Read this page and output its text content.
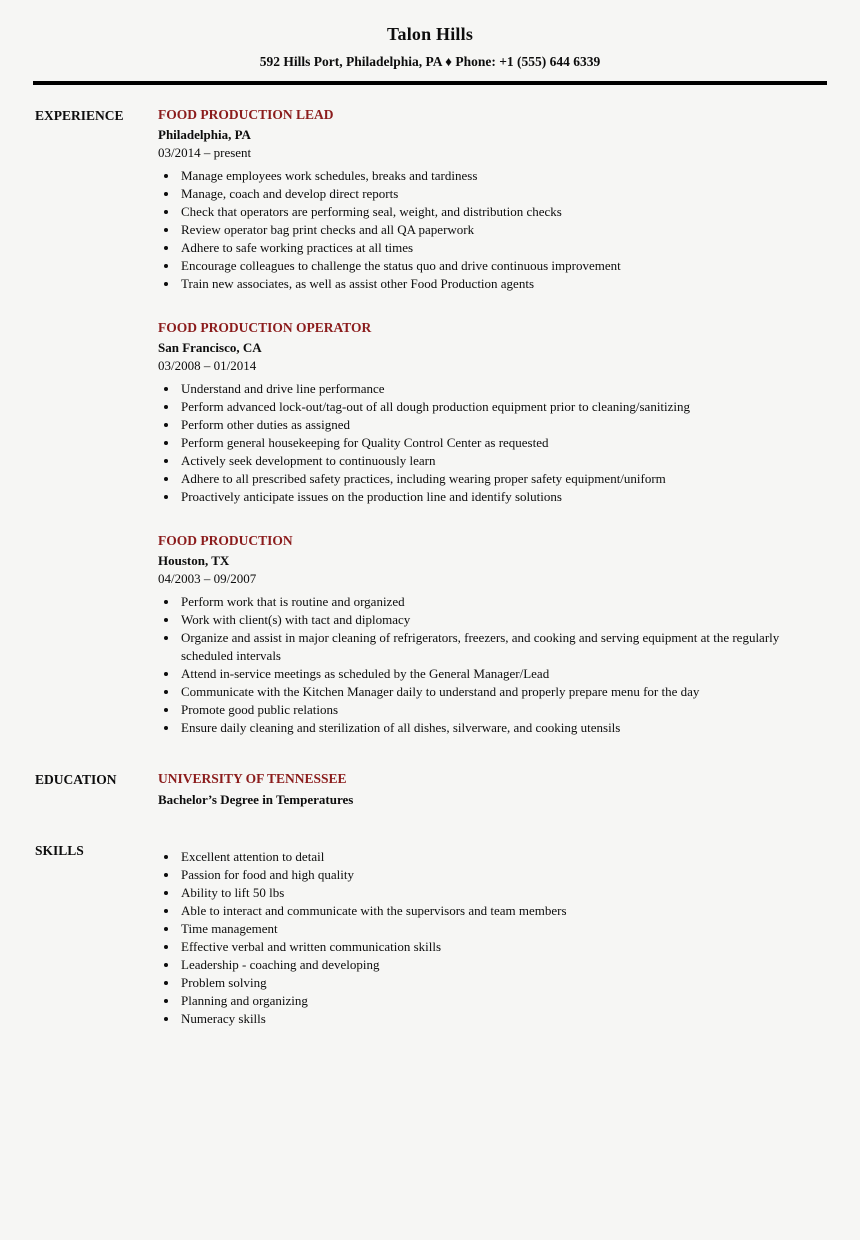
Talon Hills
592 Hills Port, Philadelphia, PA ♦ Phone: +1 (555) 644 6339
EXPERIENCE	FOOD PRODUCTION LEAD
Philadelphia, PA
03/2014 – present
• Manage employees work schedules, breaks and tardiness
• Manage, coach and develop direct reports
• Check that operators are performing seal, weight, and distribution checks
• Review operator bag print checks and all QA paperwork
• Adhere to safe working practices at all times
• Encourage colleagues to challenge the status quo and drive continuous improvement
• Train new associates, as well as assist other Food Production agents
FOOD PRODUCTION OPERATOR
San Francisco, CA
03/2008 – 01/2014
• Understand and drive line performance
• Perform advanced lock-out/tag-out of all dough production equipment prior to cleaning/sanitizing
• Perform other duties as assigned
• Perform general housekeeping for Quality Control Center as requested
• Actively seek development to continuously learn
• Adhere to all prescribed safety practices, including wearing proper safety equipment/uniform
• Proactively anticipate issues on the production line and identify solutions
FOOD PRODUCTION
Houston, TX
04/2003 – 09/2007
• Perform work that is routine and organized
• Work with client(s) with tact and diplomacy
• Organize and assist in major cleaning of refrigerators, freezers, and cooking and serving equipment at the regularly scheduled intervals
• Attend in-service meetings as scheduled by the General Manager/Lead
• Communicate with the Kitchen Manager daily to understand and properly prepare menu for the day
• Promote good public relations
• Ensure daily cleaning and sterilization of all dishes, silverware, and cooking utensils
EDUCATION	UNIVERSITY OF TENNESSEE
Bachelor’s Degree in Temperatures
SKILLS	• Excellent attention to detail
• Passion for food and high quality
• Ability to lift 50 lbs
• Able to interact and communicate with the supervisors and team members
• Time management
• Effective verbal and written communication skills
• Leadership - coaching and developing
• Problem solving
• Planning and organizing
• Numeracy skills
